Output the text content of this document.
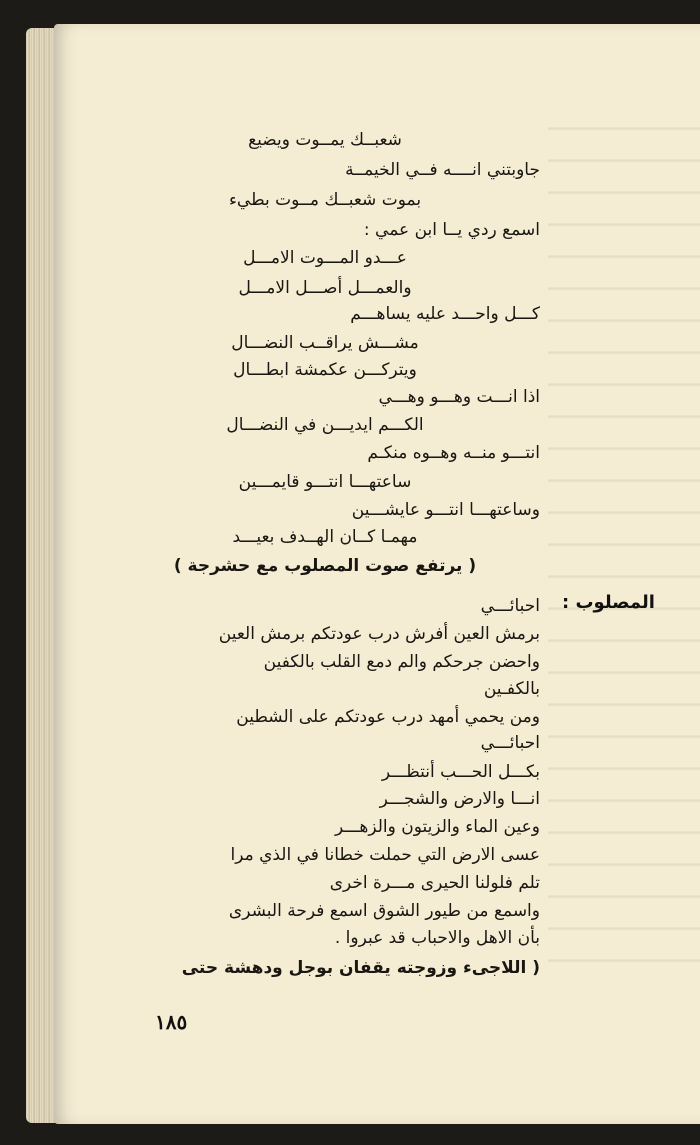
شعبــك يمــوت ويضيع

جاوبتني انــــه فــي الخيمــة

بموت شعبــك مــوت بطيء

اسمع ردي يــا ابن عمي :

عـــدو المـــوت الامـــل

والعمـــل أصـــل الامـــل

كـــل واحـــد عليه يساهـــم

مشـــش يراقــب النضـــال

ويتركـــن عكمشة ابطـــال

اذا انـــت وهـــو وهـــي

الكـــم ايديـــن في النضـــال

انتـــو منــه وهــوه منكـم

ساعتهـــا انتـــو قايمـــين

وساعتهـــا انتـــو عايشـــين

مهمـا كــان الهــدف بعيـــد

( يرتفع صوت المصلوب مع حشرجة )

المصلوب :

احبائـــي

برمش العين أفرش درب عودتكم برمش العين

واحضن جرحكم والم دمع القلب بالكفين

بالكفـين

ومن يحمي أمهد درب عودتكم على الشطين

احبائـــي

بكـــل الحـــب أنتظـــر

انـــا والارض والشجـــر

وعين الماء والزيتون والزهـــر

عسى الارض التي حملت خطانا في الذي مرا

تلم فلولنا الحيرى مـــرة اخرى

واسمع من طيور الشوق اسمع فرحة البشرى

بأن الاهل والاحباب قد عبروا .

( اللاجىء وزوجته يقفان بوجل ودهشة حتى

١٨٥
